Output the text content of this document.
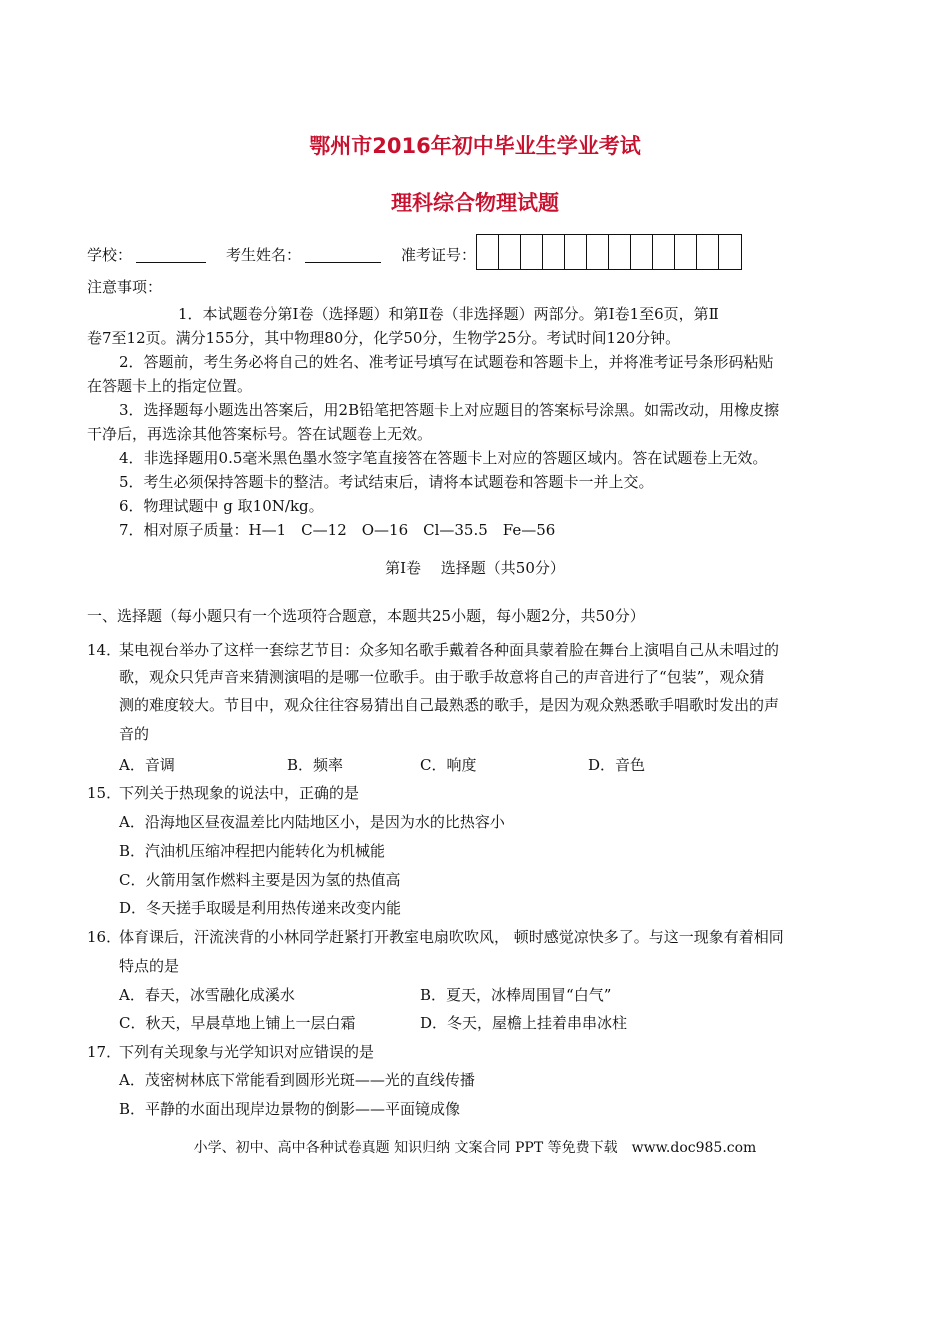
鄂州市2016年初中毕业生学业考试
理科综合物理试题
学校：	考生姓名：	准考证号：
注意事项：
1．本试题卷分第Ⅰ卷（选择题）和第Ⅱ卷（非选择题）两部分。第Ⅰ卷1至6页，第Ⅱ
卷7至12页。满分155分，其中物理80分，化学50分，生物学25分。考试时间120分钟。
2．答题前，考生务必将自己的姓名、准考证号填写在试题卷和答题卡上，并将准考证号条形码粘贴
在答题卡上的指定位置。
3．选择题每小题选出答案后，用2B铅笔把答题卡上对应题目的答案标号涂黑。如需改动，用橡皮擦
干净后，再选涂其他答案标号。答在试题卷上无效。
4．非选择题用0.5毫米黑色墨水签字笔直接答在答题卡上对应的答题区域内。答在试题卷上无效。
5．考生必须保持答题卡的整洁。考试结束后，请将本试题卷和答题卡一并上交。
6．物理试题中 g 取10N/kg。
7．相对原子质量：H—1　C—12　O—16　Cl—35.5　Fe—56
第Ⅰ卷　 选择题（共50分）
一、选择题（每小题只有一个选项符合题意，本题共25小题，每小题2分，共50分）
14．
某电视台举办了这样一套综艺节目：众多知名歌手戴着各种面具蒙着脸在舞台上演唱自己从未唱过的
歌，观众只凭声音来猜测演唱的是哪一位歌手。由于歌手故意将自己的声音进行了“包装”，观众猜
测的难度较大。节目中，观众往往容易猜出自己最熟悉的歌手，是因为观众熟悉歌手唱歌时发出的声
音的
A．音调	B．频率	C．响度	D．音色
15．
下列关于热现象的说法中，正确的是
A．沿海地区昼夜温差比内陆地区小，是因为水的比热容小
B．汽油机压缩冲程把内能转化为机械能
C．火箭用氢作燃料主要是因为氢的热值高
D．冬天搓手取暖是利用热传递来改变内能
16．
体育课后，汗流浃背的小林同学赶紧打开教室电扇吹吹风， 顿时感觉凉快多了。与这一现象有着相同
特点的是
A．春天，冰雪融化成溪水	B．夏天，冰棒周围冒“白气”
C．秋天，早晨草地上铺上一层白霜	D．冬天，屋檐上挂着串串冰柱
17．
下列有关现象与光学知识对应错误的是
A．茂密树林底下常能看到圆形光斑——光的直线传播
B．平静的水面出现岸边景物的倒影——平面镜成像
小学、初中、高中各种试卷真题 知识归纳 文案合同 PPT 等免费下载　www.doc985.com
